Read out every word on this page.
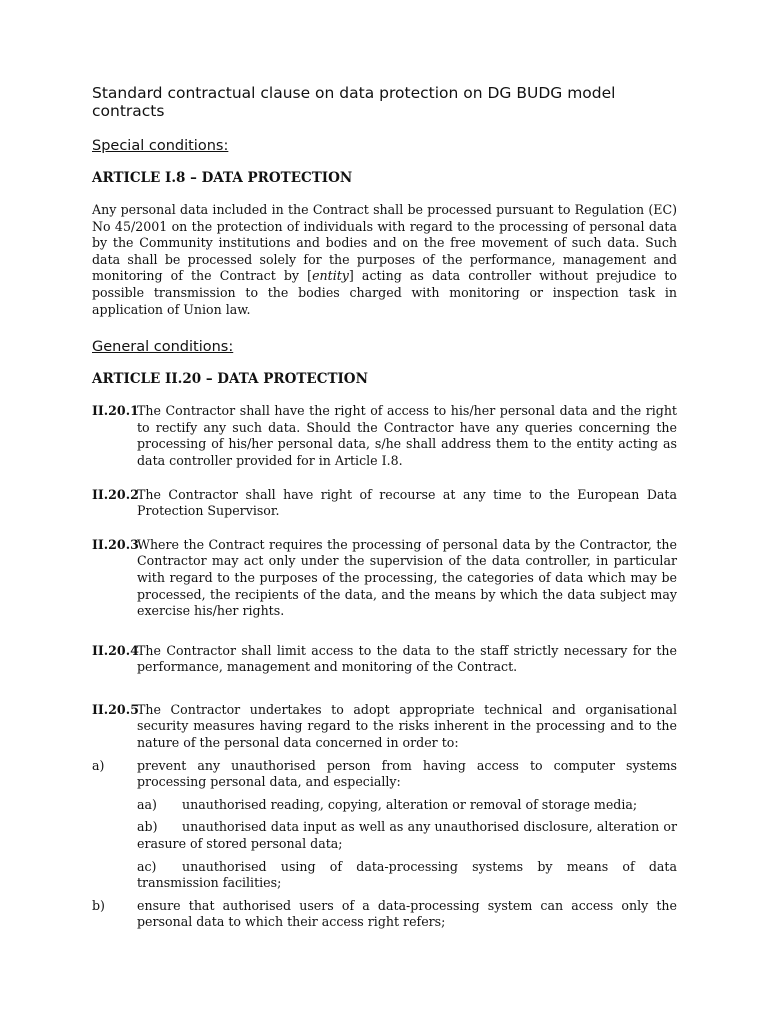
Standard contractual clause on data protection on DG BUDG model contracts
Special conditions:
ARTICLE I.8 – DATA PROTECTION

Any personal data included in the Contract shall be processed pursuant to Regulation (EC) No 45/2001 on the protection of individuals with regard to the processing of personal data by the Community institutions and bodies and on the free movement of such data. Such data shall be processed solely for the purposes of the performance, management and monitoring of the Contract by [entity] acting as data controller without prejudice to possible transmission to the bodies charged with monitoring or inspection task in application of Union law.

General conditions:
ARTICLE II.20 – DATA PROTECTION
II.20.1
The Contractor shall have the right of access to his/her personal data and the right to rectify any such data. Should the Contractor have any queries concerning the processing of his/her personal data, s/he shall address them to the entity acting as data controller provided for in Article I.8.
II.20.2
The Contractor shall have right of recourse at any time to the European Data Protection Supervisor.
II.20.3
Where the Contract requires the processing of personal data by the Contractor, the Contractor may act only under the supervision of the data controller, in particular with regard to the purposes of the processing, the categories of data which may be processed, the recipients of the data, and the means by which the data subject may exercise his/her rights.
II.20.4
The Contractor shall limit access to the data to the staff strictly necessary for the performance, management and monitoring of the Contract.
II.20.5
The Contractor undertakes to adopt appropriate technical and organisational security measures having regard to the risks inherent in the processing and to the nature of the personal data concerned in order to:
a)	prevent any unauthorised person from having access to computer systems processing personal data, and especially:
aa) unauthorised reading, copying, alteration or removal of storage media;
ab) unauthorised data input as well as any unauthorised disclosure, alteration or erasure of stored personal data;
ac) unauthorised using of data-processing systems by means of data transmission facilities;
b)	ensure that authorised users of a data-processing system can access only the personal data to which their access right refers;
